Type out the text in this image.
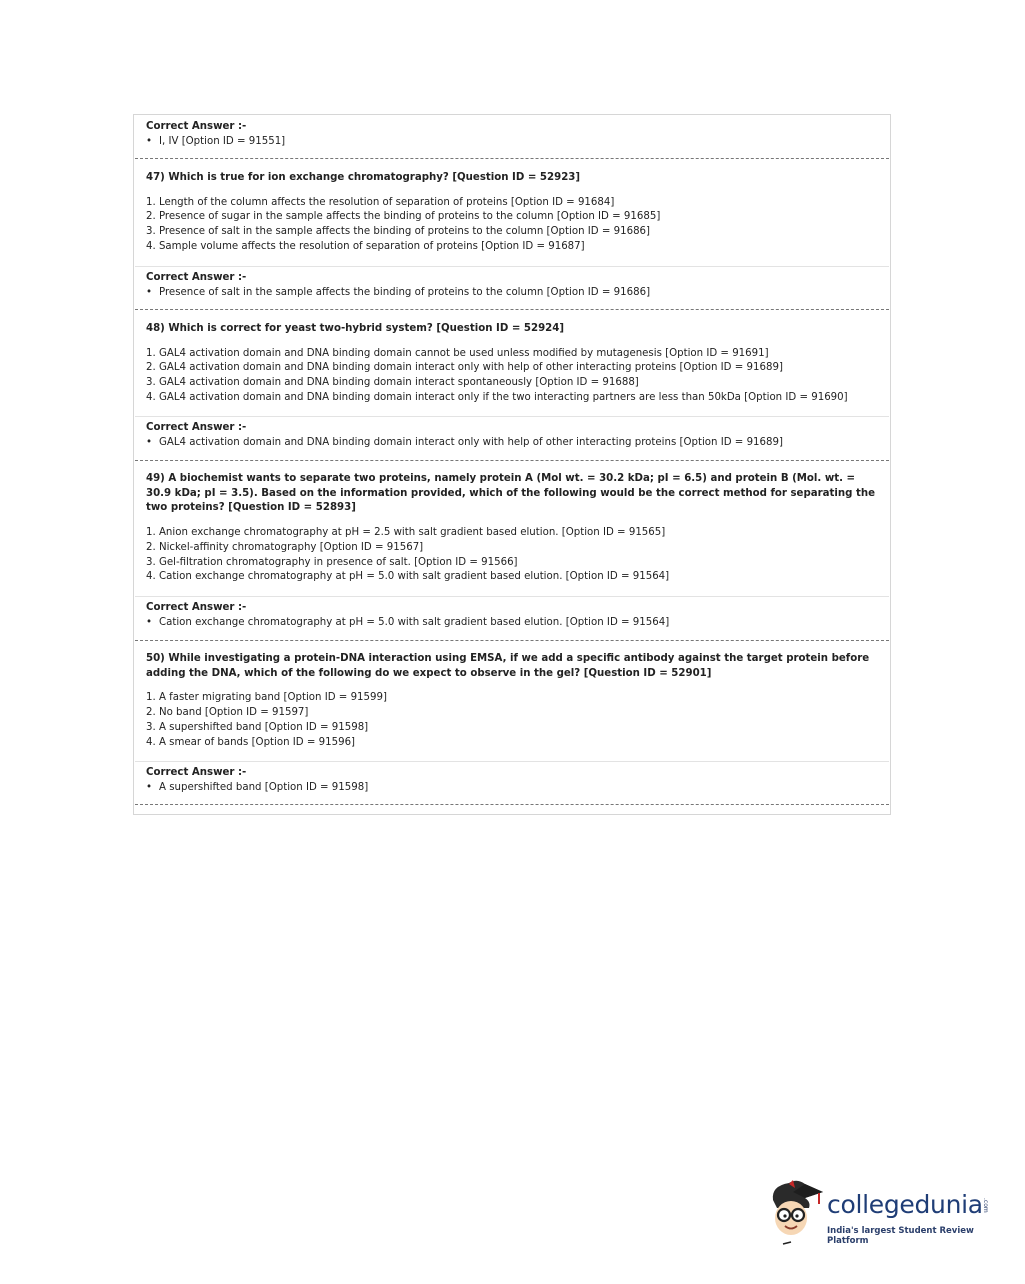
Correct Answer :-
• I, IV [Option ID = 91551]
47) Which is true for ion exchange chromatography? [Question ID = 52923]
1. Length of the column affects the resolution of separation of proteins [Option ID = 91684]
2. Presence of sugar in the sample affects the binding of proteins to the column [Option ID = 91685]
3. Presence of salt in the sample affects the binding of proteins to the column [Option ID = 91686]
4. Sample volume affects the resolution of separation of proteins [Option ID = 91687]
Correct Answer :-
• Presence of salt in the sample affects the binding of proteins to the column [Option ID = 91686]
48) Which is correct for yeast two-hybrid system? [Question ID = 52924]
1. GAL4 activation domain and DNA binding domain cannot be used unless modified by mutagenesis [Option ID = 91691]
2. GAL4 activation domain and DNA binding domain interact only with help of other interacting proteins [Option ID = 91689]
3. GAL4 activation domain and DNA binding domain interact spontaneously [Option ID = 91688]
4. GAL4 activation domain and DNA binding domain interact only if the two interacting partners are less than 50kDa [Option ID = 91690]
Correct Answer :-
• GAL4 activation domain and DNA binding domain interact only with help of other interacting proteins [Option ID = 91689]
49) A biochemist wants to separate two proteins, namely protein A (Mol wt. = 30.2 kDa; pI = 6.5) and protein B (Mol. wt. = 30.9 kDa; pI = 3.5). Based on the information provided, which of the following would be the correct method for separating the two proteins? [Question ID = 52893]
1. Anion exchange chromatography at pH = 2.5 with salt gradient based elution. [Option ID = 91565]
2. Nickel-affinity chromatography [Option ID = 91567]
3. Gel-filtration chromatography in presence of salt. [Option ID = 91566]
4. Cation exchange chromatography at pH = 5.0 with salt gradient based elution. [Option ID = 91564]
Correct Answer :-
• Cation exchange chromatography at pH = 5.0 with salt gradient based elution. [Option ID = 91564]
50) While investigating a protein-DNA interaction using EMSA, if we add a specific antibody against the target protein before adding the DNA, which of the following do we expect to observe in the gel? [Question ID = 52901]
1. A faster migrating band [Option ID = 91599]
2. No band [Option ID = 91597]
3. A supershifted band [Option ID = 91598]
4. A smear of bands [Option ID = 91596]
Correct Answer :-
• A supershifted band [Option ID = 91598]
collegedunia .com
India's largest Student Review Platform
